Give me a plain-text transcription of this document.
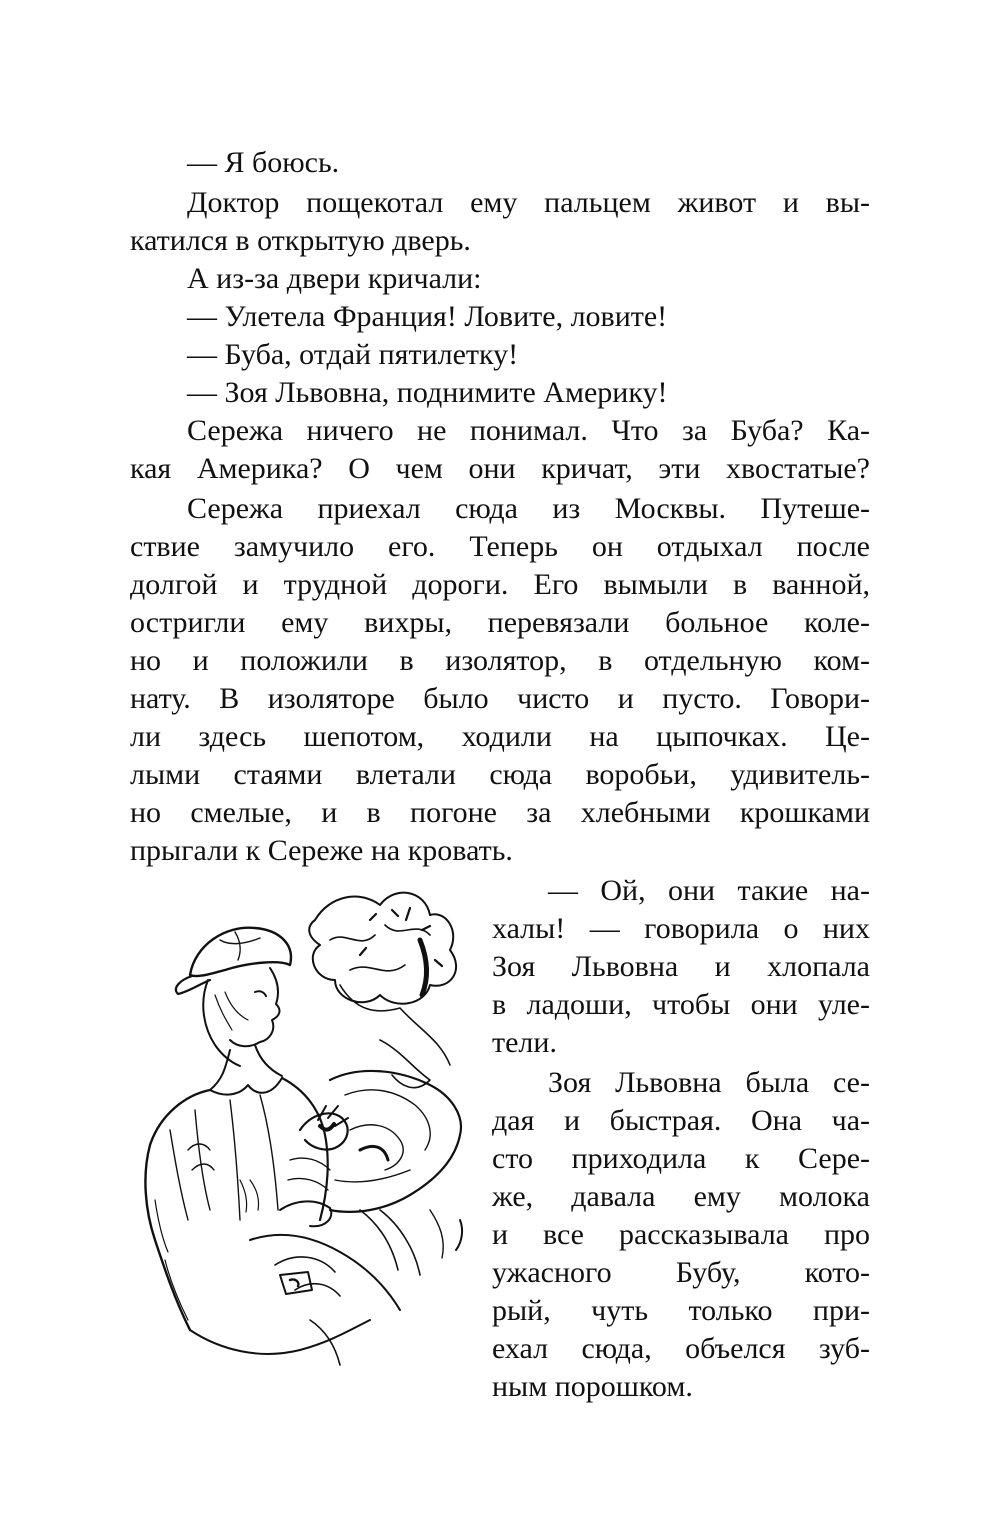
— Я боюсь.
Доктор пощекотал ему пальцем живот и вы-
катился в открытую дверь.
А из-за двери кричали:
— Улетела Франция! Ловите, ловите!
— Буба, отдай пятилетку!
— Зоя Львовна, поднимите Америку!
Сережа ничего не понимал. Что за Буба? Ка-
кая Америка? О чем они кричат, эти хвостатые?
Сережа приехал сюда из Москвы. Путеше-
ствие замучило его. Теперь он отдыхал после
долгой и трудной дороги. Его вымыли в ванной,
остригли ему вихры, перевязали больное коле-
но и положили в изолятор, в отдельную ком-
нату. В изоляторе было чисто и пусто. Говори-
ли здесь шепотом, ходили на цыпочках. Це-
лыми стаями влетали сюда воробьи, удивитель-
но смелые, и в погоне за хлебными крошками
прыгали к Сереже на кровать.
— Ой, они такие на-
халы! — говорила о них
Зоя Львовна и хлопала
в ладоши, чтобы они уле-
тели.
Зоя Львовна была се-
дая и быстрая. Она ча-
сто приходила к Сере-
же, давала ему молока
и все рассказывала про
ужасного Бубу, кото-
рый, чуть только при-
ехал сюда, объелся зуб-
ным порошком.
